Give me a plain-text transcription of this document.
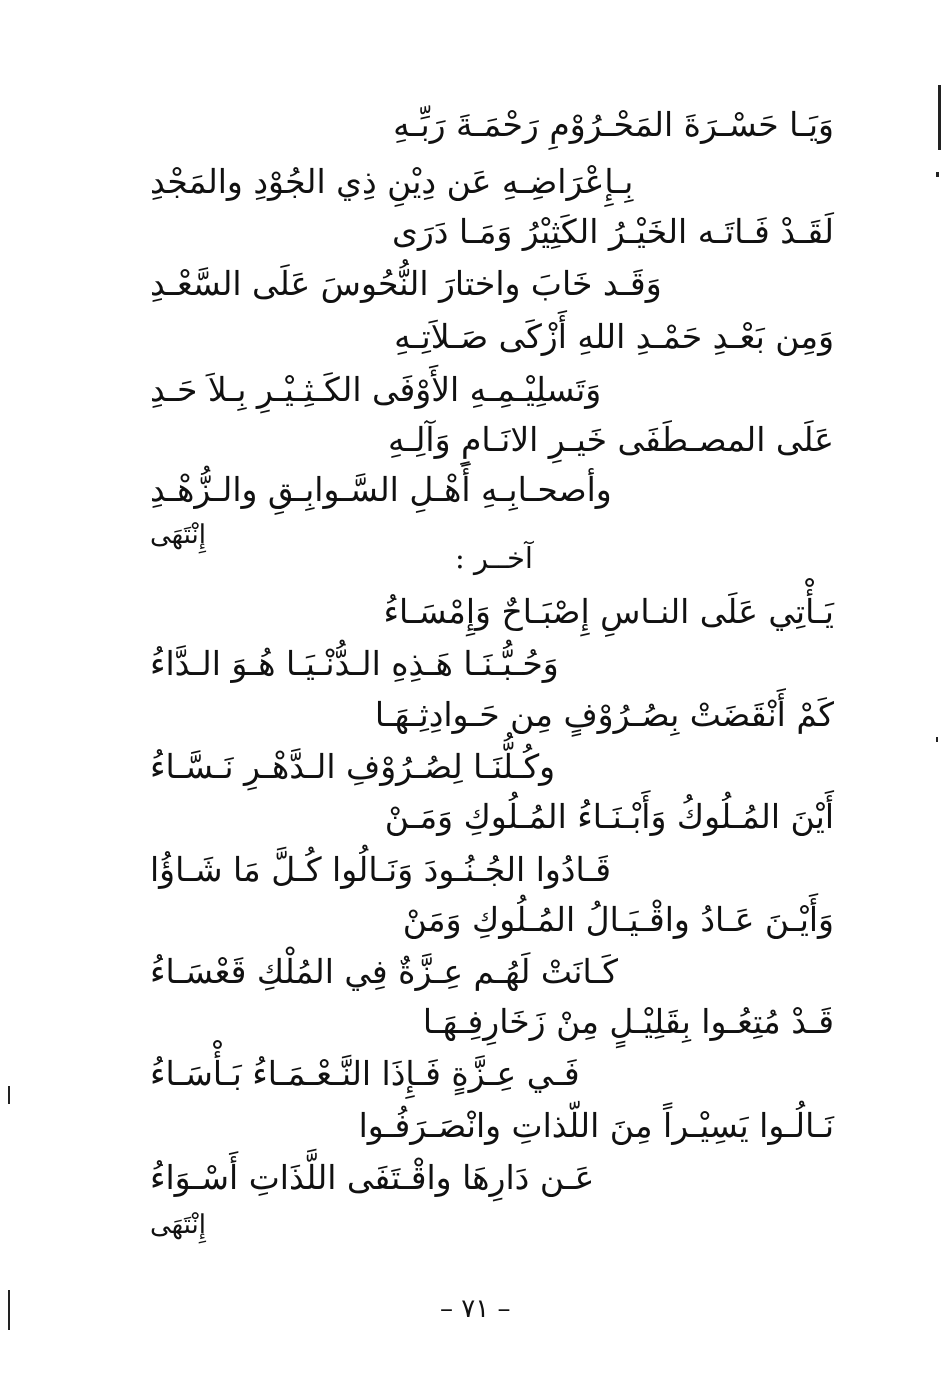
وَيَـا حَسْـرَةَ المَحْـرُوْمِ رَحْمَـةَ رَبِّـهِ
بِـإِعْرَاضِـهِ عَن دِيْنِ ذِي الجُوْدِ والمَجْدِ
لَقَـدْ فَـاتَـه الخَيْـرُ الكَثِيْرُ وَمَـا دَرَى
وَقَـد خَابَ واختارَ النُّحُوسَ عَلَى السَّعْـدِ
وَمِن بَعْـدِ حَمْـدِ اللهِ أَزْكَى صَـلاَتِـهِ
وَتَسلِيْـمِـهِ الأَوْفَى الكَـثِـيْـرِ بِـلاَ حَـدِ
عَلَى المصـطَفَى خَيـرِ الانَـامِ وَآلِـهِ
وأصحـابِـهِ أَهْـلِ السَّـوابِـقِ والـزُّهْـدِ
إِنْتَهَى
آخــر :
يَـأْتِي عَلَى النـاسِ إِصْبَـاحٌ وَإِمْسَـاءُ
وَحُـبُّـنَـا هَـذِهِ الـدُّنْـيَـا هُـوَ الـدَّاءُ
كَمْ أَنْقَضَتْ بِصُـرُوْفٍ مِن حَـوادِثِـهَـا
وكُـلُّنَـا لِصُـرُوْفِ الـدَّهْـرِ نَـسَّـاءُ
أَيْنَ المُـلُوكُ وَأَبْـنَـاءُ المُـلُوكِ وَمَـنْ
قَـادُوا الجُـنُـودَ وَنَـالُوا كُـلَّ مَا شَـاؤُا
وَأَيْـنَ عَـادُ واقْـيَـالُ المُـلُوكِ وَمَنْ
كَـانَتْ لَهُـم عِـزَّةٌ فِي المُلْكِ قَعْسَـاءُ
قَـدْ مُتِعُـوا بِقَلِيْـلٍ مِنْ زَخَارِفِـهَـا
فَـي عِـزَّةٍ فَـإِذَا النَّـعْـمَـاءُ بَـأْسَـاءُ
نَـالُـوا يَسِيْـراً مِنَ اللّذاتِ وانْصَـرَفُـوا
عَـن دَارِهَا واقْـتَفَى اللَّذَاتِ أَسْـوَاءُ
إِنْتَهَى
– ٧١ –
